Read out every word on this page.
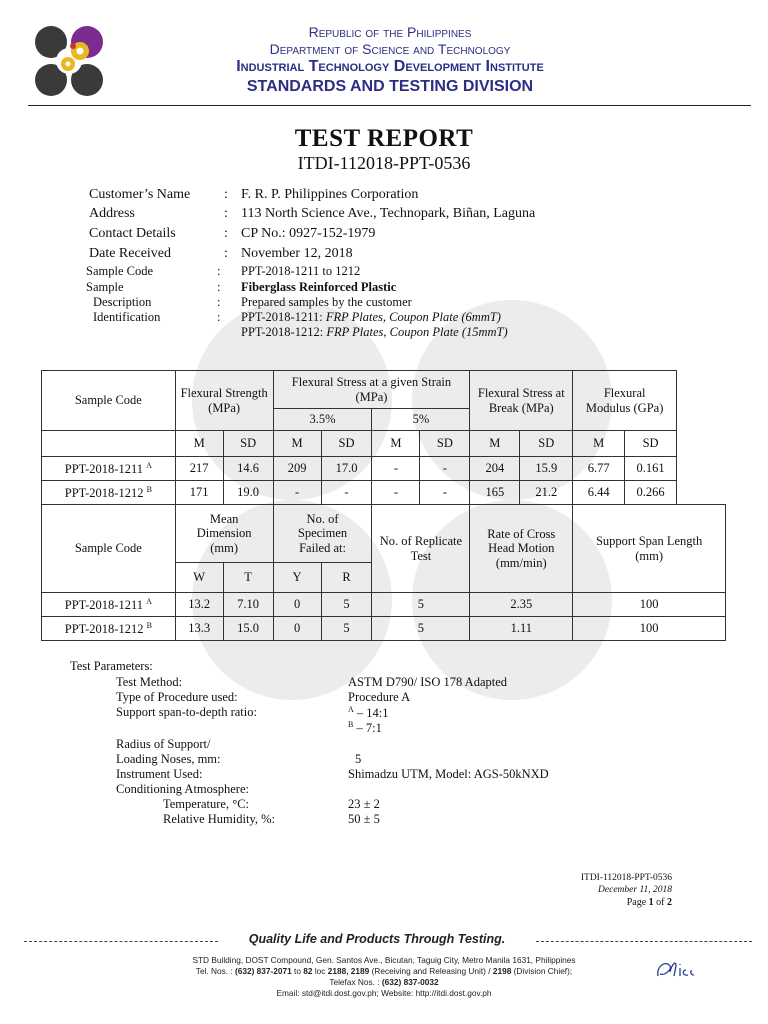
Republic of the Philippines
Department of Science and Technology
Industrial Technology Development Institute
STANDARDS AND TESTING DIVISION
TEST REPORT
ITDI-112018-PPT-0536
Customer’s Name : F. R. P. Philippines Corporation
Address	: 113 North Science Ave., Technopark, Biñan, Laguna
Contact Details	: CP No.: 0927-152-1979
Date Received	: November 12, 2018
Sample Code	: PPT-2018-1211 to 1212
Sample	: Fiberglass Reinforced Plastic
Description	: Prepared samples by the customer
Identification	: PPT-2018-1211: FRP Plates, Coupon Plate (6mmT)
PPT-2018-1212: FRP Plates, Coupon Plate (15mmT)
Sample Code	Flexural Strength (MPa)		Flexural Stress at a given Strain (MPa)				Flexural Stress at Break (MPa)		Flexural Modulus (GPa)	
			3.5%		5%					
	M	SD	M	SD	M	SD	M	SD	M	SD
PPT-2018-1211 $^A$	217	14.6	209	17.0	-	-	204	15.9	6.77	0.161
PPT-2018-1212 $^B$	171	19.0	-	-	-	-	165	21.2	6.44	0.266
Sample Code	Mean Dimension (mm)		No. of Specimen Failed at:		No. of Replicate Test		Rate of Cross Head Motion (mm/min)		Support Span Length (mm)	
	W	T	Y	R						
PPT-2018-1211 $^A$	13.2	7.10	0	5	5		2.35		100	
PPT-2018-1212 $^B$	13.3	15.0	0	5	5		1.11		100	
Test Parameters:
Test Method:	ASTM D790/ ISO 178 Adapted
Type of Procedure used:	Procedure A
Support span-to-depth ratio:	$^A$ – 14:1
$^B$ – 7:1
Radius of Support/
Loading Noses, mm:	5
Instrument Used:	Shimadzu UTM, Model: AGS-50kNXD
Conditioning Atmosphere:
Temperature, °C:	23 ± 2
Relative Humidity, %:	50 ± 5
ITDI-112018-PPT-0536
December 11, 2018
Page 1 of 2
Quality Life and Products Through Testing.
STD Building, DOST Compound, Gen. Santos Ave., Bicutan, Taguig City, Metro Manila 1631, Philippines
Tel. Nos. : (632) 837-2071 to 82 loc 2188, 2189 (Receiving and Releasing Unit) / 2198 (Division Chief);
Telefax Nos. : (632) 837-0032
Email: std@itdi.dost.gov.ph; Website: http://itdi.dost.gov.ph
